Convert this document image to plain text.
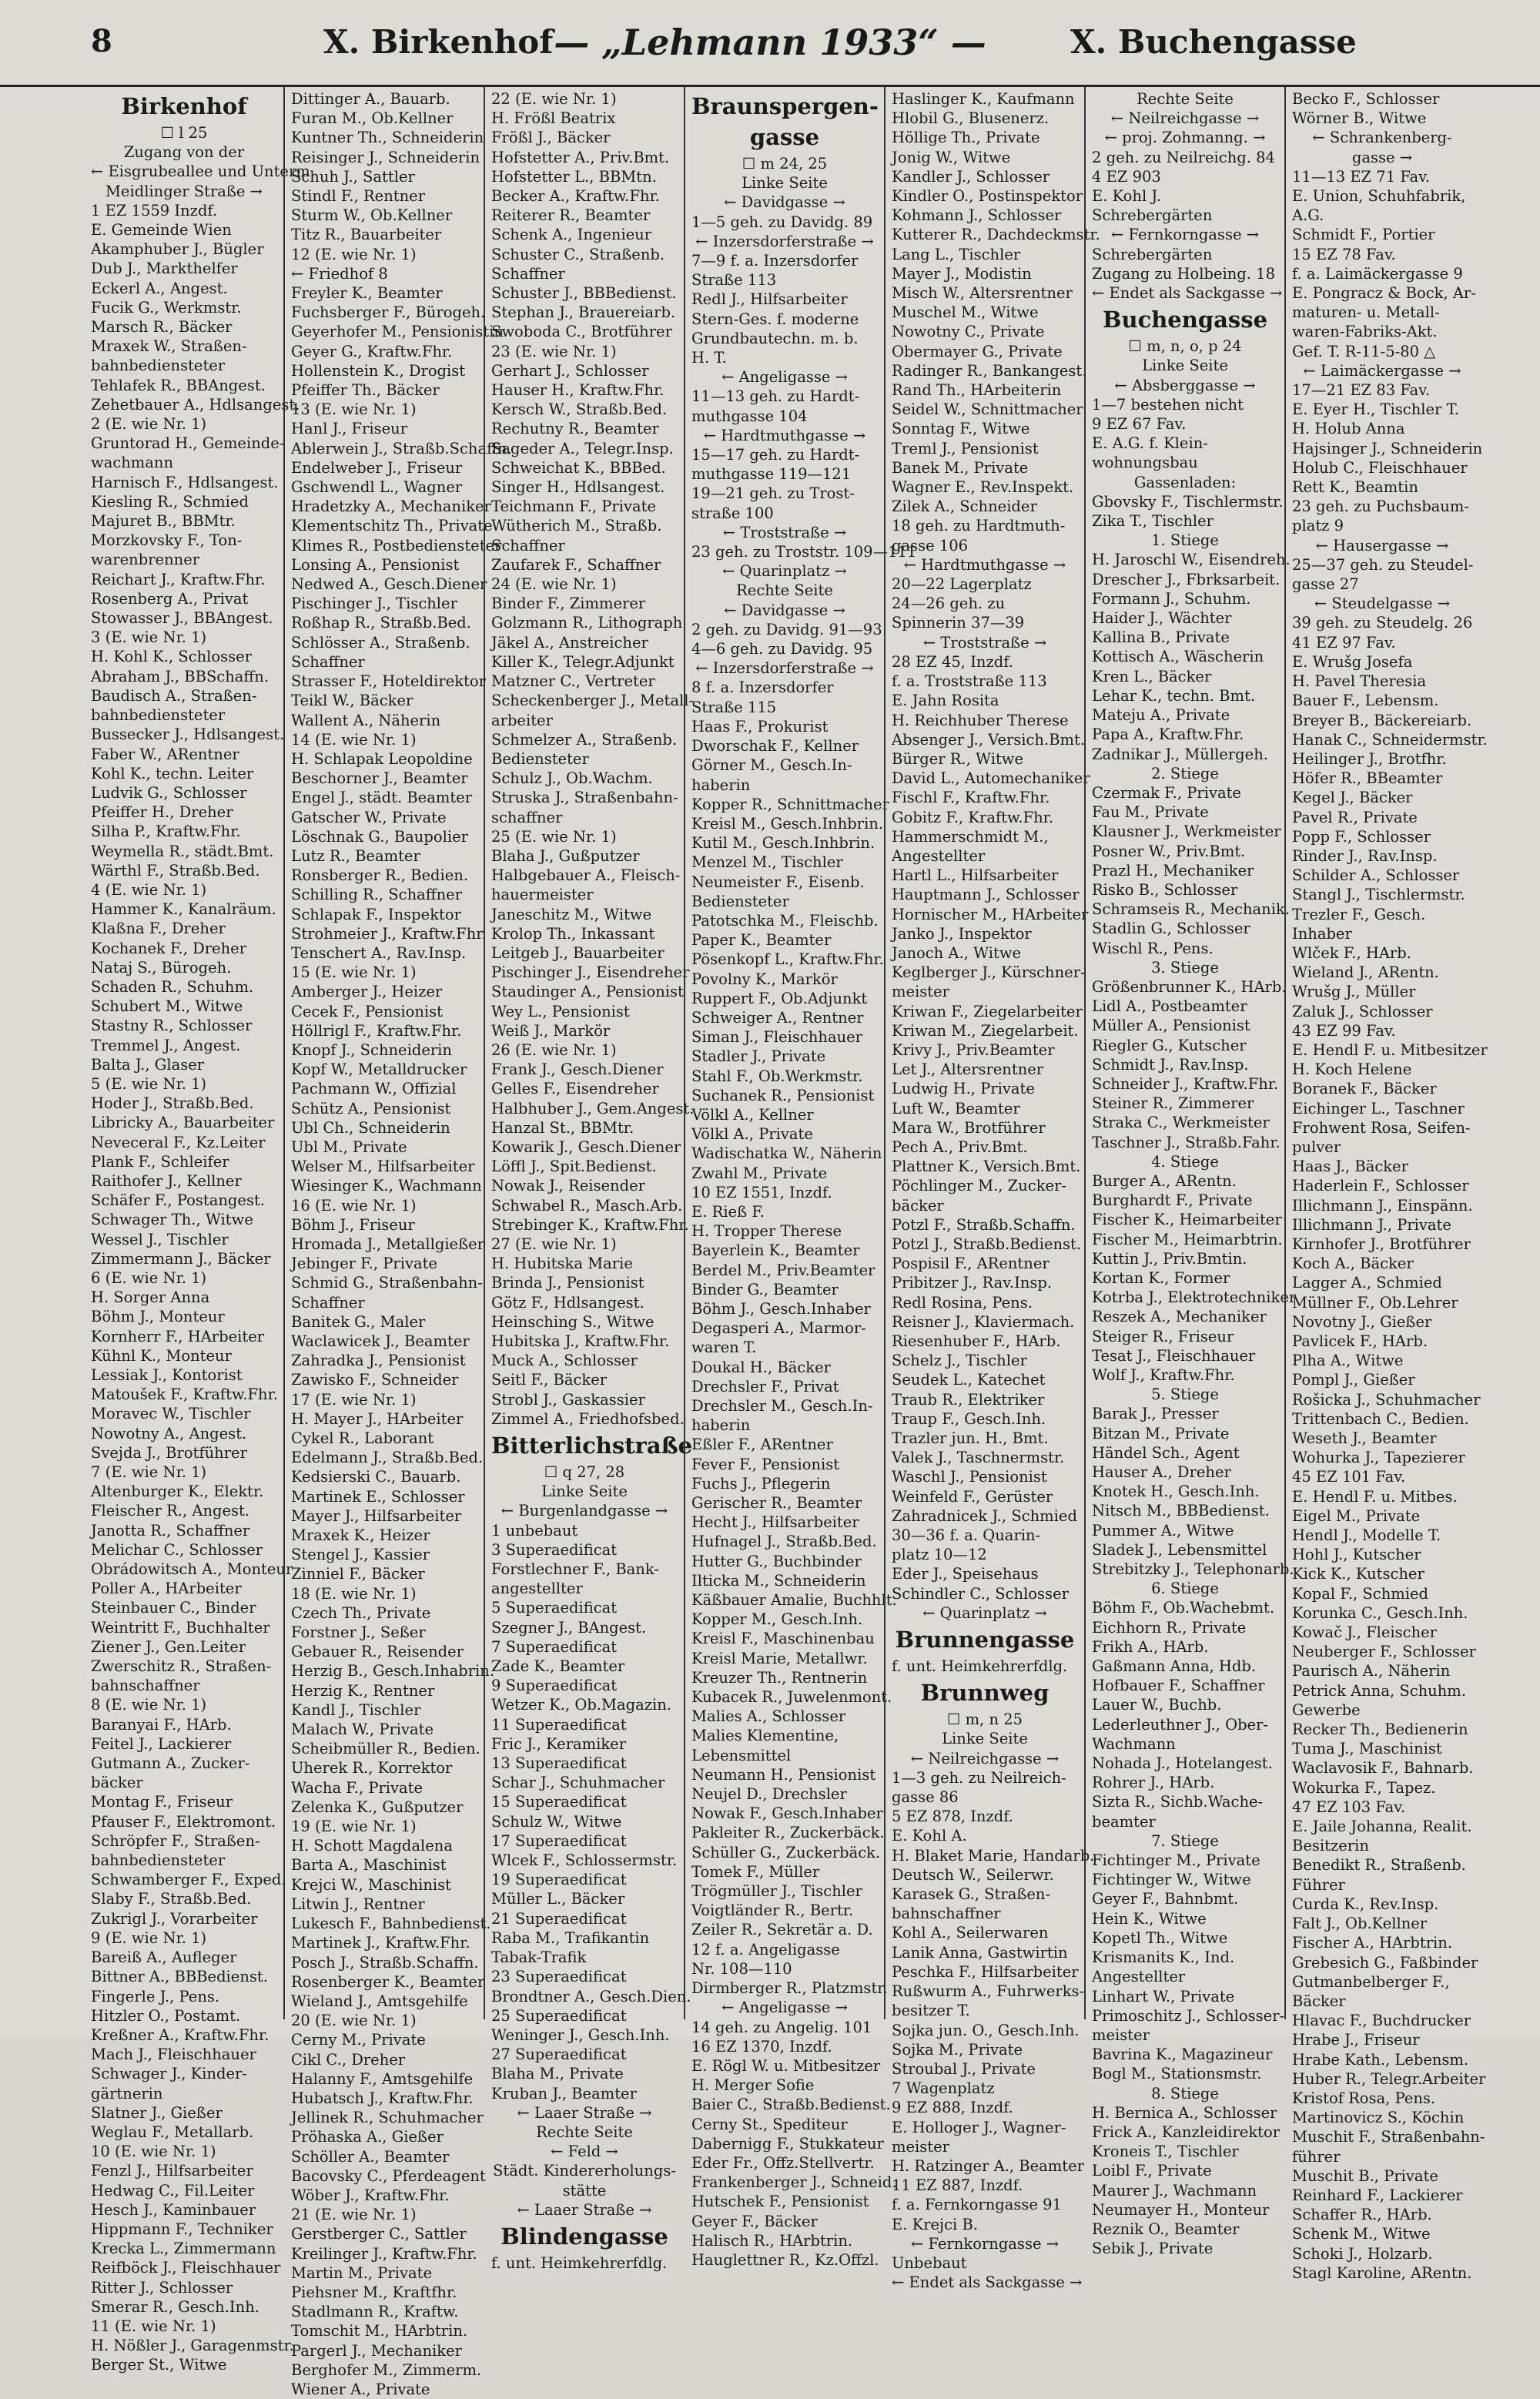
8	X. Birkenhof — „Lehmann 1933“ —	X. Buchengasse
Birkenhof
☐ l 25
Zugang von der
← Eisgrubeallee und Unterm
Meidlinger Straße →
1 EZ 1559 Inzdf.
E. Gemeinde Wien
Akamphuber J., Bügler
Dub J., Markthelfer
Eckerl A., Angest.
Fucik G., Werkmstr.
Marsch R., Bäcker
Mraxek W., Straßen-
bahnbediensteter
Tehlafek R., BBAngest.
Zehetbauer A., Hdlsangest.
2 (E. wie Nr. 1)
Gruntorad H., Gemeinde-
wachmann
Harnisch F., Hdlsangest.
Kiesling R., Schmied
Majuret B., BBMtr.
Morzkovsky F., Ton-
warenbrenner
Reichart J., Kraftw.Fhr.
Rosenberg A., Privat
Stowasser J., BBAngest.
3 (E. wie Nr. 1)
H. Kohl K., Schlosser
Abraham J., BBSchaffn.
Baudisch A., Straßen-
bahnbediensteter
Bussecker J., Hdlsangest.
Faber W., ARentner
Kohl K., techn. Leiter
Ludvik G., Schlosser
Pfeiffer H., Dreher
Silha P., Kraftw.Fhr.
Weymella R., städt.Bmt.
Wärthl F., Straßb.Bed.
4 (E. wie Nr. 1)
Hammer K., Kanalräum.
Klaßna F., Dreher
Kochanek F., Dreher
Nataj S., Bürogeh.
Schaden R., Schuhm.
Schubert M., Witwe
Stastny R., Schlosser
Tremmel J., Angest.
Balta J., Glaser
5 (E. wie Nr. 1)
Hoder J., Straßb.Bed.
Libricky A., Bauarbeiter
Neveceral F., Kz.Leiter
Plank F., Schleifer
Raithofer J., Kellner
Schäfer F., Postangest.
Schwager Th., Witwe
Wessel J., Tischler
Zimmermann J., Bäcker
6 (E. wie Nr. 1)
H. Sorger Anna
Böhm J., Monteur
Kornherr F., HArbeiter
Kühnl K., Monteur
Lessiak J., Kontorist
Matoušek F., Kraftw.Fhr.
Moravec W., Tischler
Nowotny A., Angest.
Svejda J., Brotführer
7 (E. wie Nr. 1)
Altenburger K., Elektr.
Fleischer R., Angest.
Janotta R., Schaffner
Melichar C., Schlosser
Obrádowitsch A., Monteur
Poller A., HArbeiter
Steinbauer C., Binder
Weintritt F., Buchhalter
Ziener J., Gen.Leiter
Zwerschitz R., Straßen-
bahnschaffner
8 (E. wie Nr. 1)
Baranyai F., HArb.
Feitel J., Lackierer
Gutmann A., Zucker-
bäcker
Montag F., Friseur
Pfauser F., Elektromont.
Schröpfer F., Straßen-
bahnbediensteter
Schwamberger F., Exped.
Slaby F., Straßb.Bed.
Zukrigl J., Vorarbeiter
9 (E. wie Nr. 1)
Bareiß A., Aufleger
Bittner A., BBBedienst.
Fingerle J., Pens.
Hitzler O., Postamt.
Kreßner A., Kraftw.Fhr.
Mach J., Fleischhauer
Schwager J., Kinder-
gärtnerin
Slatner J., Gießer
Weglau F., Metallarb.
10 (E. wie Nr. 1)
Fenzl J., Hilfsarbeiter
Hedwag C., Fil.Leiter
Hesch J., Kaminbauer
Hippmann F., Techniker
Krecka L., Zimmermann
Reifböck J., Fleischhauer
Ritter J., Schlosser
Smerar R., Gesch.Inh.
11 (E. wie Nr. 1)
H. Nößler J., Garagenmstr.
Berger St., Witwe
Dittinger A., Bauarb.
Furan M., Ob.Kellner
Kuntner Th., Schneiderin
Reisinger J., Schneiderin
Schuh J., Sattler
Stindl F., Rentner
Sturm W., Ob.Kellner
Titz R., Bauarbeiter
12 (E. wie Nr. 1)
← Friedhof 8
Freyler K., Beamter
Fuchsberger F., Bürogeh.
Geyerhofer M., Pensionistin
Geyer G., Kraftw.Fhr.
Hollenstein K., Drogist
Pfeiffer Th., Bäcker
13 (E. wie Nr. 1)
Hanl J., Friseur
Ablerwein J., Straßb.Schaffn.
Endelweber J., Friseur
Gschwendl L., Wagner
Hradetzky A., Mechaniker
Klementschitz Th., Private
Klimes R., Postbediensteter
Lonsing A., Pensionist
Nedwed A., Gesch.Diener
Pischinger J., Tischler
Roßhap R., Straßb.Bed.
Schlösser A., Straßenb.
Schaffner
Strasser F., Hoteldirektor
Teikl W., Bäcker
Wallent A., Näherin
14 (E. wie Nr. 1)
H. Schlapak Leopoldine
Beschorner J., Beamter
Engel J., städt. Beamter
Gatscher W., Private
Löschnak G., Baupolier
Lutz R., Beamter
Ronsberger R., Bedien.
Schilling R., Schaffner
Schlapak F., Inspektor
Strohmeier J., Kraftw.Fhr.
Tenschert A., Rav.Insp.
15 (E. wie Nr. 1)
Amberger J., Heizer
Cecek F., Pensionist
Höllrigl F., Kraftw.Fhr.
Knopf J., Schneiderin
Kopf W., Metalldrucker
Pachmann W., Offizial
Schütz A., Pensionist
Ubl Ch., Schneiderin
Ubl M., Private
Welser M., Hilfsarbeiter
Wiesinger K., Wachmann
16 (E. wie Nr. 1)
Böhm J., Friseur
Hromada J., Metallgießer
Jebinger F., Private
Schmid G., Straßenbahn-
Schaffner
Banitek G., Maler
Waclawicek J., Beamter
Zahradka J., Pensionist
Zawisko F., Schneider
17 (E. wie Nr. 1)
H. Mayer J., HArbeiter
Cykel R., Laborant
Edelmann J., Straßb.Bed.
Kedsierski C., Bauarb.
Martinek E., Schlosser
Mayer J., Hilfsarbeiter
Mraxek K., Heizer
Stengel J., Kassier
Zinniel F., Bäcker
18 (E. wie Nr. 1)
Czech Th., Private
Forstner J., Seßer
Gebauer R., Reisender
Herzig B., Gesch.Inhabrin.
Herzig K., Rentner
Kandl J., Tischler
Malach W., Private
Scheibmüller R., Bedien.
Uherek R., Korrektor
Wacha F., Private
Zelenka K., Gußputzer
19 (E. wie Nr. 1)
H. Schott Magdalena
Barta A., Maschinist
Krejci W., Maschinist
Litwin J., Rentner
Lukesch F., Bahnbedienst.
Martinek J., Kraftw.Fhr.
Posch J., Straßb.Schaffn.
Rosenberger K., Beamter
Wieland J., Amtsgehilfe
20 (E. wie Nr. 1)
Cerny M., Private
Cikl C., Dreher
Halanny F., Amtsgehilfe
Hubatsch J., Kraftw.Fhr.
Jellinek R., Schuhmacher
Pröhaska A., Gießer
Schöller A., Beamter
Bacovsky C., Pferdeagent
Wöber J., Kraftw.Fhr.
21 (E. wie Nr. 1)
Gerstberger C., Sattler
Kreilinger J., Kraftw.Fhr.
Martin M., Private
Piehsner M., Kraftfhr.
Stadlmann R., Kraftw.
Tomschit M., HArbtrin.
Pargerl J., Mechaniker
Berghofer M., Zimmerm.
Wiener A., Private
22 (E. wie Nr. 1)
H. Frößl Beatrix
Frößl J., Bäcker
Hofstetter A., Priv.Bmt.
Hofstetter L., BBMtn.
Becker A., Kraftw.Fhr.
Reiterer R., Beamter
Schenk A., Ingenieur
Schuster C., Straßenb.
Schaffner
Schuster J., BBBedienst.
Stephan J., Brauereiarb.
Swoboda C., Brotführer
23 (E. wie Nr. 1)
Gerhart J., Schlosser
Hauser H., Kraftw.Fhr.
Kersch W., Straßb.Bed.
Rechutny R., Beamter
Sageder A., Telegr.Insp.
Schweichat K., BBBed.
Singer H., Hdlsangest.
Teichmann F., Private
Wütherich M., Straßb.
Schaffner
Zaufarek F., Schaffner
24 (E. wie Nr. 1)
Binder F., Zimmerer
Golzmann R., Lithograph
Jäkel A., Anstreicher
Killer K., Telegr.Adjunkt
Matzner C., Vertreter
Scheckenberger J., Metall-
arbeiter
Schmelzer A., Straßenb.
Bediensteter
Schulz J., Ob.Wachm.
Struska J., Straßenbahn-
schaffner
25 (E. wie Nr. 1)
Blaha J., Gußputzer
Halbgebauer A., Fleisch-
hauermeister
Janeschitz M., Witwe
Krolop Th., Inkassant
Leitgeb J., Bauarbeiter
Pischinger J., Eisendreher
Staudinger A., Pensionist
Wey L., Pensionist
Weiß J., Markör
26 (E. wie Nr. 1)
Frank J., Gesch.Diener
Gelles F., Eisendreher
Halbhuber J., Gem.Angest.
Hanzal St., BBMtr.
Kowarik J., Gesch.Diener
Löffl J., Spit.Bedienst.
Nowak J., Reisender
Schwabel R., Masch.Arb.
Strebinger K., Kraftw.Fhr.
27 (E. wie Nr. 1)
H. Hubitska Marie
Brinda J., Pensionist
Götz F., Hdlsangest.
Heinsching S., Witwe
Hubitska J., Kraftw.Fhr.
Muck A., Schlosser
Seitl F., Bäcker
Strobl J., Gaskassier
Zimmel A., Friedhofsbed.
Bitterlichstraße
☐ q 27, 28
Linke Seite
← Burgenlandgasse →
1 unbebaut
3 Superaedificat
Forstlechner F., Bank-
angestellter
5 Superaedificat
Szegner J., BAngest.
7 Superaedificat
Zade K., Beamter
9 Superaedificat
Wetzer K., Ob.Magazin.
11 Superaedificat
Fric J., Keramiker
13 Superaedificat
Schar J., Schuhmacher
15 Superaedificat
Schulz W., Witwe
17 Superaedificat
Wlcek F., Schlossermstr.
19 Superaedificat
Müller L., Bäcker
21 Superaedificat
Raba M., Trafikantin
Tabak-Trafik
23 Superaedificat
Brondtner A., Gesch.Dien.
25 Superaedificat
Weninger J., Gesch.Inh.
27 Superaedificat
Blaha M., Private
Kruban J., Beamter
← Laaer Straße →
Rechte Seite
← Feld →
Städt. Kindererholungs-
stätte
← Laaer Straße →
Blindengasse
f. unt. Heimkehrerfdlg.
Braunspergen-
gasse
☐ m 24, 25
Linke Seite
← Davidgasse →
1—5 geh. zu Davidg. 89
← Inzersdorferstraße →
7—9 f. a. Inzersdorfer
Straße 113
Redl J., Hilfsarbeiter
Stern-Ges. f. moderne
Grundbautechn. m. b.
H. T.
← Angeligasse →
11—13 geh. zu Hardt-
muthgasse 104
← Hardtmuthgasse →
15—17 geh. zu Hardt-
muthgasse 119—121
19—21 geh. zu Trost-
straße 100
← Troststraße →
23 geh. zu Troststr. 109—111
← Quarinplatz →
Rechte Seite
← Davidgasse →
2 geh. zu Davidg. 91—93
4—6 geh. zu Davidg. 95
← Inzersdorferstraße →
8 f. a. Inzersdorfer
Straße 115
Haas F., Prokurist
Dworschak F., Kellner
Görner M., Gesch.In-
haberin
Kopper R., Schnittmacher
Kreisl M., Gesch.Inhbrin.
Kutil M., Gesch.Inhbrin.
Menzel M., Tischler
Neumeister F., Eisenb.
Bediensteter
Patotschka M., Fleischb.
Paper K., Beamter
Pösenkopf L., Kraftw.Fhr.
Povolny K., Markör
Ruppert F., Ob.Adjunkt
Schweiger A., Rentner
Siman J., Fleischhauer
Stadler J., Private
Stahl F., Ob.Werkmstr.
Suchanek R., Pensionist
Völkl A., Kellner
Völkl A., Private
Wadischatka W., Näherin
Zwahl M., Private
10 EZ 1551, Inzdf.
E. Rieß F.
H. Tropper Therese
Bayerlein K., Beamter
Berdel M., Priv.Beamter
Binder G., Beamter
Böhm J., Gesch.Inhaber
Degasperi A., Marmor-
waren T.
Doukal H., Bäcker
Drechsler F., Privat
Drechsler M., Gesch.In-
haberin
Eßler F., ARentner
Fever F., Pensionist
Fuchs J., Pflegerin
Gerischer R., Beamter
Hecht J., Hilfsarbeiter
Hufnagel J., Straßb.Bed.
Hutter G., Buchbinder
Ilticka M., Schneiderin
Käßbauer Amalie, Buchhlt.
Kopper M., Gesch.Inh.
Kreisl F., Maschinenbau
Kreisl Marie, Metallwr.
Kreuzer Th., Rentnerin
Kubacek R., Juwelenmont.
Malies A., Schlosser
Malies Klementine,
Lebensmittel
Neumann H., Pensionist
Neujel D., Drechsler
Nowak F., Gesch.Inhaber
Pakleiter R., Zuckerbäck.
Schüller G., Zuckerbäck.
Tomek F., Müller
Trögmüller J., Tischler
Voigtländer R., Bertr.
Zeiler R., Sekretär a. D.
12 f. a. Angeligasse
Nr. 108—110
Dirmberger R., Platzmstr.
← Angeligasse →
14 geh. zu Angelig. 101
16 EZ 1370, Inzdf.
E. Rögl W. u. Mitbesitzer
H. Merger Sofie
Baier C., Straßb.Bedienst.
Cerny St., Spediteur
Dabernigg F., Stukkateur
Eder Fr., Offz.Stellvertr.
Frankenberger J., Schneid.
Hutschek F., Pensionist
Geyer F., Bäcker
Halisch R., HArbtrin.
Hauglettner R., Kz.Offzl.
Haslinger K., Kaufmann
Hlobil G., Blusenerz.
Höllige Th., Private
Jonig W., Witwe
Kandler J., Schlosser
Kindler O., Postinspektor
Kohmann J., Schlosser
Kutterer R., Dachdeckmstr.
Lang L., Tischler
Mayer J., Modistin
Misch W., Altersrentner
Muschel M., Witwe
Nowotny C., Private
Obermayer G., Private
Radinger R., Bankangest.
Rand Th., HArbeiterin
Seidel W., Schnittmacher
Sonntag F., Witwe
Treml J., Pensionist
Banek M., Private
Wagner E., Rev.Inspekt.
Zilek A., Schneider
18 geh. zu Hardtmuth-
gasse 106
← Hardtmuthgasse →
20—22 Lagerplatz
24—26 geh. zu
Spinnerin 37—39
← Troststraße →
28 EZ 45, Inzdf.
f. a. Troststraße 113
E. Jahn Rosita
H. Reichhuber Therese
Absenger J., Versich.Bmt.
Bürger R., Witwe
David L., Automechaniker
Fischl F., Kraftw.Fhr.
Gobitz F., Kraftw.Fhr.
Hammerschmidt M.,
Angestellter
Hartl L., Hilfsarbeiter
Hauptmann J., Schlosser
Hornischer M., HArbeiter
Janko J., Inspektor
Janoch A., Witwe
Keglberger J., Kürschner-
meister
Kriwan F., Ziegelarbeiter
Kriwan M., Ziegelarbeit.
Krivy J., Priv.Beamter
Let J., Altersrentner
Ludwig H., Private
Luft W., Beamter
Mara W., Brotführer
Pech A., Priv.Bmt.
Plattner K., Versich.Bmt.
Pöchlinger M., Zucker-
bäcker
Potzl F., Straßb.Schaffn.
Potzl J., Straßb.Bedienst.
Pospisil F., ARentner
Pribitzer J., Rav.Insp.
Redl Rosina, Pens.
Reisner J., Klaviermach.
Riesenhuber F., HArb.
Schelz J., Tischler
Seudek L., Katechet
Traub R., Elektriker
Traup F., Gesch.Inh.
Trazler jun. H., Bmt.
Valek J., Taschnermstr.
Waschl J., Pensionist
Weinfeld F., Gerüster
Zahradnicek J., Schmied
30—36 f. a. Quarin-
platz 10—12
Eder J., Speisehaus
Schindler C., Schlosser
← Quarinplatz →
Brunnengasse
f. unt. Heimkehrerfdlg.
Brunnweg
☐ m, n 25
Linke Seite
← Neilreichgasse →
1—3 geh. zu Neilreich-
gasse 86
5 EZ 878, Inzdf.
E. Kohl A.
H. Blaket Marie, Handarb.
Deutsch W., Seilerwr.
Karasek G., Straßen-
bahnschaffner
Kohl A., Seilerwaren
Lanik Anna, Gastwirtin
Peschka F., Hilfsarbeiter
Rußwurm A., Fuhrwerks-
besitzer T.
Sojka jun. O., Gesch.Inh.
Sojka M., Private
Stroubal J., Private
7 Wagenplatz
9 EZ 888, Inzdf.
E. Holloger J., Wagner-
meister
H. Ratzinger A., Beamter
11 EZ 887, Inzdf.
f. a. Fernkorngasse 91
E. Krejci B.
← Fernkorngasse →
Unbebaut
← Endet als Sackgasse →
Rechte Seite
← Neilreichgasse →
← proj. Zohmanng. →
2 geh. zu Neilreichg. 84
4 EZ 903
E. Kohl J.
Schrebergärten
← Fernkorngasse →
Schrebergärten
Zugang zu Holbeing. 18
← Endet als Sackgasse →
Buchengasse
☐ m, n, o, p 24
Linke Seite
← Absberggasse →
1—7 bestehen nicht
9 EZ 67 Fav.
E. A.G. f. Klein-
wohnungsbau
Gassenladen:
Gbovsky F., Tischlermstr.
Zika T., Tischler
1. Stiege
H. Jaroschl W., Eisendreh.
Drescher J., Fbrksarbeit.
Formann J., Schuhm.
Haider J., Wächter
Kallina B., Private
Kottisch A., Wäscherin
Kren L., Bäcker
Lehar K., techn. Bmt.
Mateju A., Private
Papa A., Kraftw.Fhr.
Zadnikar J., Müllergeh.
2. Stiege
Czermak F., Private
Fau M., Private
Klausner J., Werkmeister
Posner W., Priv.Bmt.
Prazl H., Mechaniker
Risko B., Schlosser
Schramseis R., Mechanik.
Stadlin G., Schlosser
Wischl R., Pens.
3. Stiege
Größenbrunner K., HArb.
Lidl A., Postbeamter
Müller A., Pensionist
Riegler G., Kutscher
Schmidt J., Rav.Insp.
Schneider J., Kraftw.Fhr.
Steiner R., Zimmerer
Straka C., Werkmeister
Taschner J., Straßb.Fahr.
4. Stiege
Burger A., ARentn.
Burghardt F., Private
Fischer K., Heimarbeiter
Fischer M., Heimarbtrin.
Kuttin J., Priv.Bmtin.
Kortan K., Former
Kotrba J., Elektrotechniker
Reszek A., Mechaniker
Steiger R., Friseur
Tesat J., Fleischhauer
Wolf J., Kraftw.Fhr.
5. Stiege
Barak J., Presser
Bitzan M., Private
Händel Sch., Agent
Hauser A., Dreher
Knotek H., Gesch.Inh.
Nitsch M., BBBedienst.
Pummer A., Witwe
Sladek J., Lebensmittel
Strebitzky J., Telephonarb.
6. Stiege
Böhm F., Ob.Wachebmt.
Eichhorn R., Private
Frikh A., HArb.
Gaßmann Anna, Hdb.
Hofbauer F., Schaffner
Lauer W., Buchb.
Lederleuthner J., Ober-
Wachmann
Nohada J., Hotelangest.
Rohrer J., HArb.
Sizta R., Sichb.Wache-
beamter
7. Stiege
Fichtinger M., Private
Fichtinger W., Witwe
Geyer F., Bahnbmt.
Hein K., Witwe
Kopetl Th., Witwe
Krismanits K., Ind.
Angestellter
Linhart W., Private
Primoschitz J., Schlosser-
meister
Bavrina K., Magazineur
Bogl M., Stationsmstr.
8. Stiege
H. Bernica A., Schlosser
Frick A., Kanzleidirektor
Kroneis T., Tischler
Loibl F., Private
Maurer J., Wachmann
Neumayer H., Monteur
Reznik O., Beamter
Sebik J., Private
Becko F., Schlosser
Wörner B., Witwe
← Schrankenberg-
gasse →
11—13 EZ 71 Fav.
E. Union, Schuhfabrik,
A.G.
Schmidt F., Portier
15 EZ 78 Fav.
f. a. Laimäckergasse 9
E. Pongracz & Bock, Ar-
maturen- u. Metall-
waren-Fabriks-Akt.
Gef. T. R-11-5-80 △
← Laimäckergasse →
17—21 EZ 83 Fav.
E. Eyer H., Tischler T.
H. Holub Anna
Hajsinger J., Schneiderin
Holub C., Fleischhauer
Rett K., Beamtin
23 geh. zu Puchsbaum-
platz 9
← Hausergasse →
25—37 geh. zu Steudel-
gasse 27
← Steudelgasse →
39 geh. zu Steudelg. 26
41 EZ 97 Fav.
E. Wrušg Josefa
H. Pavel Theresia
Bauer F., Lebensm.
Breyer B., Bäckereiarb.
Hanak C., Schneidermstr.
Heilinger J., Brotfhr.
Höfer R., BBeamter
Kegel J., Bäcker
Pavel R., Private
Popp F., Schlosser
Rinder J., Rav.Insp.
Schilder A., Schlosser
Stangl J., Tischlermstr.
Trezler F., Gesch.
Inhaber
Wlček F., HArb.
Wieland J., ARentn.
Wrušg J., Müller
Zaluk J., Schlosser
43 EZ 99 Fav.
E. Hendl F. u. Mitbesitzer
H. Koch Helene
Boranek F., Bäcker
Eichinger L., Taschner
Frohwent Rosa, Seifen-
pulver
Haas J., Bäcker
Haderlein F., Schlosser
Illichmann J., Einspänn.
Illichmann J., Private
Kirnhofer J., Brotführer
Koch A., Bäcker
Lagger A., Schmied
Müllner F., Ob.Lehrer
Novotny J., Gießer
Pavlicek F., HArb.
Plha A., Witwe
Pompl J., Gießer
Rošicka J., Schuhmacher
Trittenbach C., Bedien.
Weseth J., Beamter
Wohurka J., Tapezierer
45 EZ 101 Fav.
E. Hendl F. u. Mitbes.
Eigel M., Private
Hendl J., Modelle T.
Hohl J., Kutscher
Kick K., Kutscher
Kopal F., Schmied
Korunka C., Gesch.Inh.
Kowač J., Fleischer
Neuberger F., Schlosser
Paurisch A., Näherin
Petrick Anna, Schuhm.
Gewerbe
Recker Th., Bedienerin
Tuma J., Maschinist
Waclavosik F., Bahnarb.
Wokurka F., Tapez.
47 EZ 103 Fav.
E. Jaile Johanna, Realit.
Besitzerin
Benedikt R., Straßenb.
Führer
Curda K., Rev.Insp.
Falt J., Ob.Kellner
Fischer A., HArbtrin.
Grebesich G., Faßbinder
Gutmanbelberger F.,
Bäcker
Hlavac F., Buchdrucker
Hrabe J., Friseur
Hrabe Kath., Lebensm.
Huber R., Telegr.Arbeiter
Kristof Rosa, Pens.
Martinovicz S., Köchin
Muschit F., Straßenbahn-
führer
Muschit B., Private
Reinhard F., Lackierer
Schaffer R., HArb.
Schenk M., Witwe
Schoki J., Holzarb.
Stagl Karoline, ARentn.
